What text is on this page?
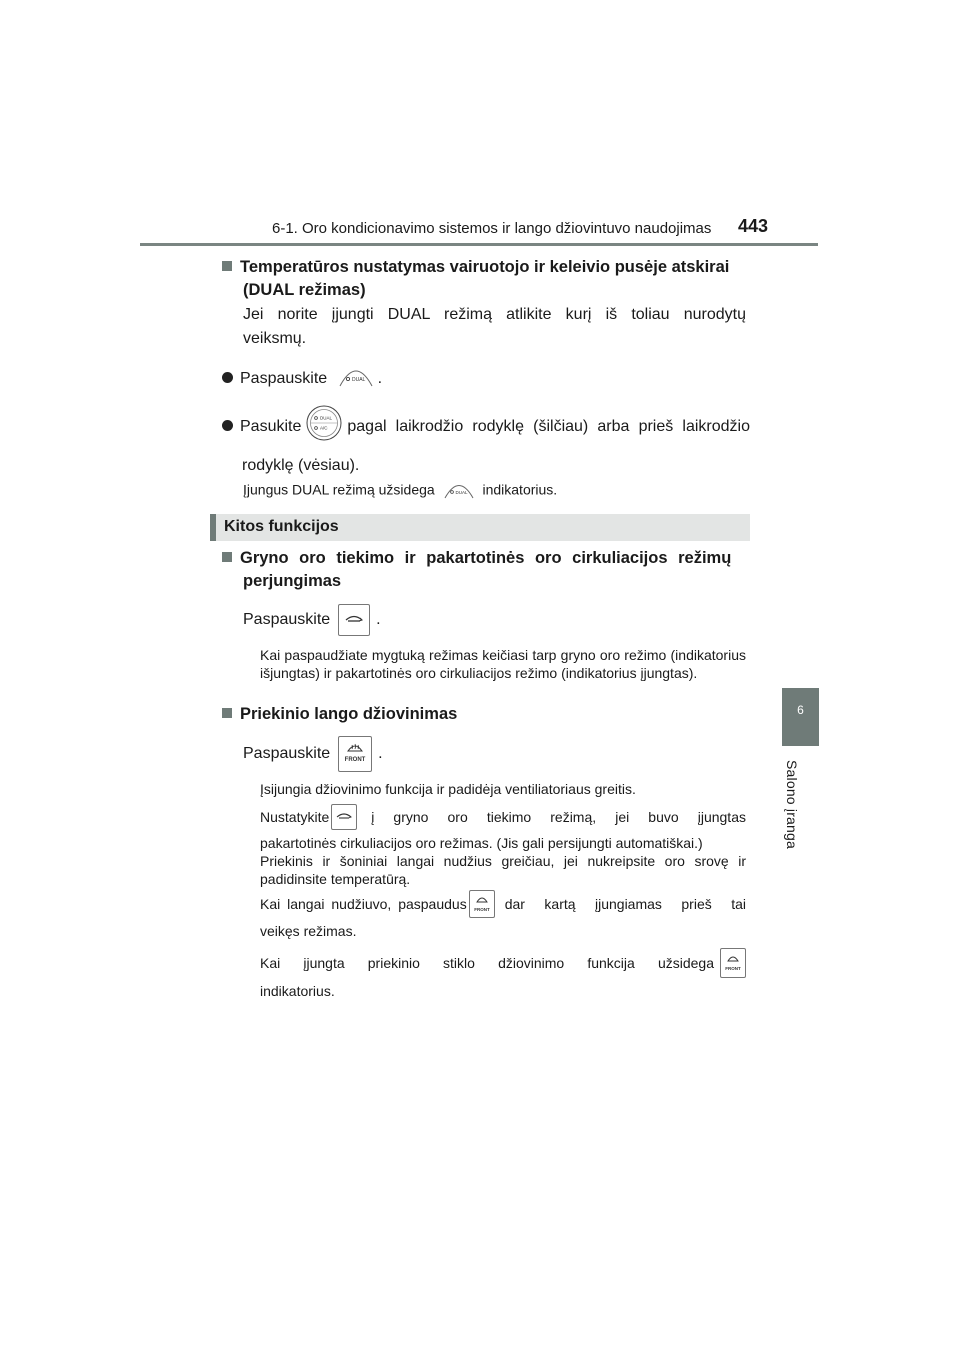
6-1. Oro kondicionavimo sistemos ir lango džiovintuvo naudojimas 443
6
Salono įranga
Temperatūros nustatymas vairuotojo ir keleivio pusėje atskirai
(DUAL režimas)
Jei norite įjungti DUAL režimą atlikite kurį iš toliau nurodytų
veiksmų.
Paspauskite	DUAL .
Pasukite	DUAL
A/C pagal laikrodžio rodyklę (šilčiau) arba prieš laikrodžio
rodyklę (vėsiau).
Įjungus DUAL režimą užsidega	DUAL indikatorius.
Kitos funkcijos
Gryno oro tiekimo ir pakartotinės oro cirkuliacijos režimų
perjungimas
Paspauskite	.
Kai paspaudžiate mygtuką režimas keičiasi tarp gryno oro režimo (indikatorius išjungtas) ir pakartotinės oro cirkuliacijos režimo (indikatorius įjungtas).
Priekinio lango džiovinimas
Paspauskite FRONT .
Įsijungia džiovinimo funkcija ir padidėja ventiliatoriaus greitis.
Nustatykite	į gryno oro tiekimo režimą, jei buvo įjungtas
pakartotinės cirkuliacijos oro režimas. (Jis gali persijungti automatiškai.)
Priekinis ir šoniniai langai nudžius greičiau, jei nukreipsite oro srovę ir padidinsite temperatūrą.
Kai langai nudžiuvo, paspaudus FRONT dar kartą įjungiamas prieš tai
veikęs režimas.
Kai įjungta priekinio stiklo džiovinimo funkcija užsidega	FRONT
indikatorius.
